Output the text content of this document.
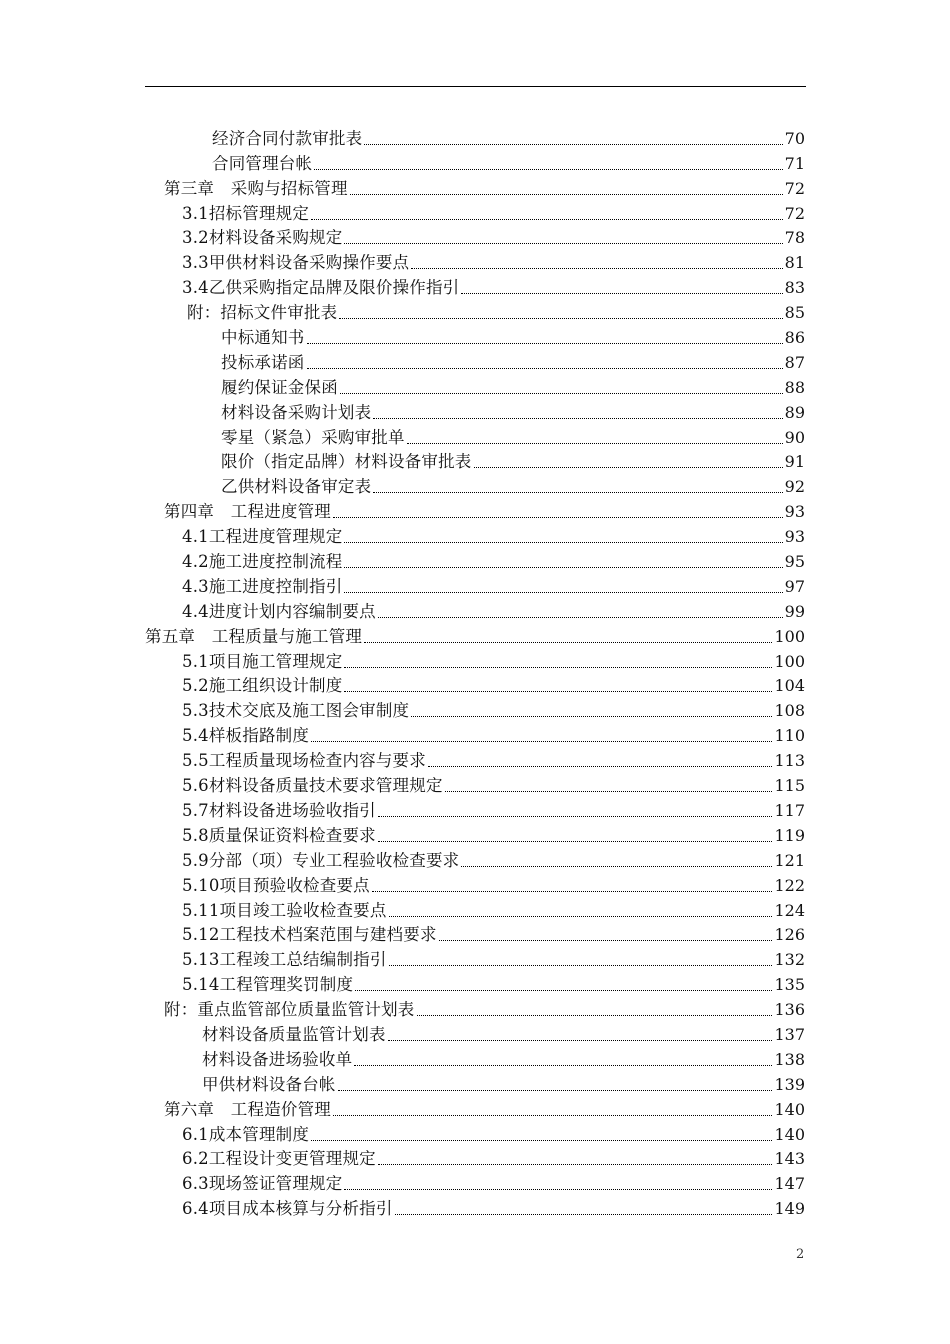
经济合同付款审批表	70
合同管理台帐	71
第三章　采购与招标管理	72
3.1招标管理规定	72
3.2材料设备采购规定	78
3.3甲供材料设备采购操作要点	81
3.4乙供采购指定品牌及限价操作指引	83
附：招标文件审批表	85
中标通知书	86
投标承诺函	87
履约保证金保函	88
材料设备采购计划表	89
零星（紧急）采购审批单	90
限价（指定品牌）材料设备审批表	91
乙供材料设备审定表	92
第四章　工程进度管理	93
4.1工程进度管理规定	93
4.2施工进度控制流程	95
4.3施工进度控制指引	97
4.4进度计划内容编制要点	99
第五章　工程质量与施工管理	100
5.1项目施工管理规定	100
5.2施工组织设计制度	104
5.3技术交底及施工图会审制度	108
5.4样板指路制度	110
5.5工程质量现场检查内容与要求	113
5.6材料设备质量技术要求管理规定	115
5.7材料设备进场验收指引	117
5.8质量保证资料检查要求	119
5.9分部（项）专业工程验收检查要求	121
5.10项目预验收检查要点	122
5.11项目竣工验收检查要点	124
5.12工程技术档案范围与建档要求	126
5.13工程竣工总结编制指引	132
5.14工程管理奖罚制度	135
附：重点监管部位质量监管计划表	136
材料设备质量监管计划表	137
材料设备进场验收单	138
甲供材料设备台帐	139
第六章　工程造价管理	140
6.1成本管理制度	140
6.2工程设计变更管理规定	143
6.3现场签证管理规定	147
6.4项目成本核算与分析指引	149
2
